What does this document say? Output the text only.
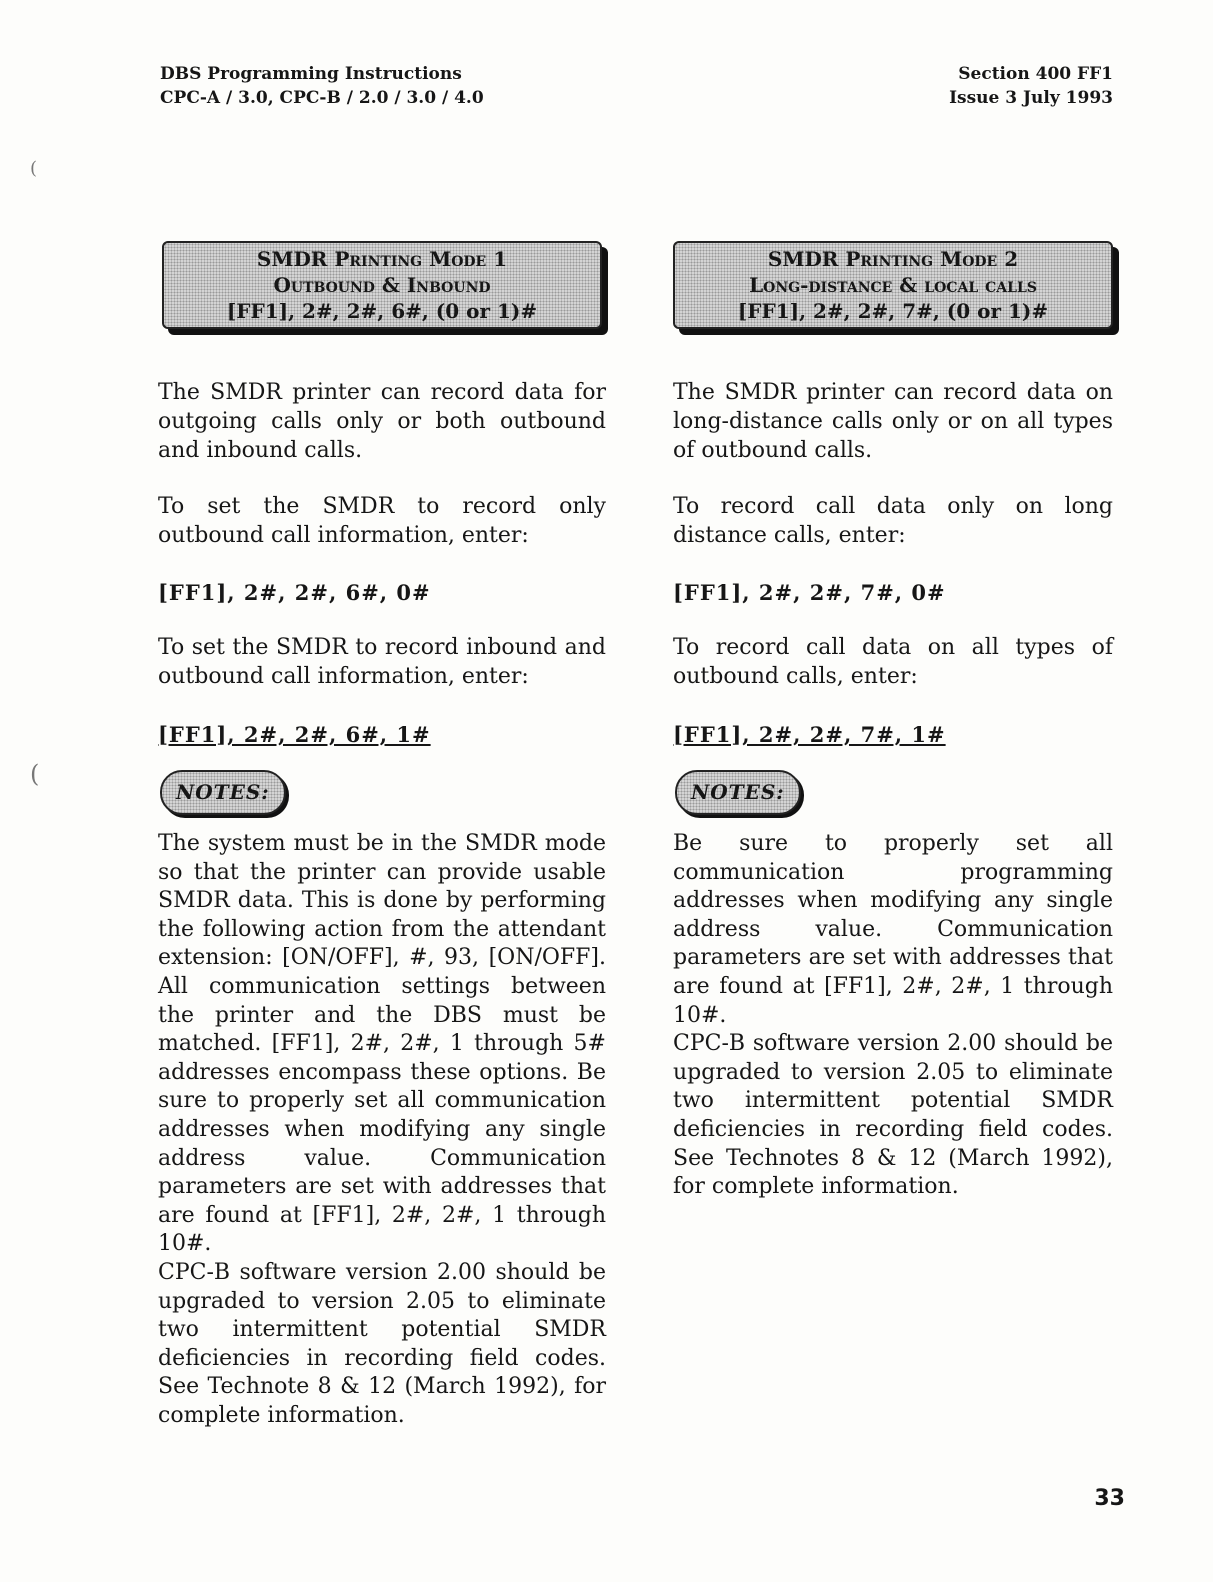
DBS Programming Instructions
CPC-A / 3.0, CPC-B / 2.0 / 3.0 / 4.0
Section 400 FF1
Issue 3 July 1993
(
(
SMDR Printing Mode 1
Outbound & Inbound
[FF1], 2#, 2#, 6#, (0 or 1)#
The SMDR printer can record data for outgoing calls only or both outbound and inbound calls.
To set the SMDR to record only outbound call information, enter:
[FF1], 2#, 2#, 6#, 0#
To set the SMDR to record inbound and outbound call information, enter:
[FF1], 2#, 2#, 6#, 1#
NOTES:
The system must be in the SMDR mode so that the printer can provide usable SMDR data. This is done by performing the following action from the attendant extension: [ON/OFF], #, 93, [ON/OFF]. All communication settings between the printer and the DBS must be matched. [FF1], 2#, 2#, 1 through 5# addresses encompass these options. Be sure to properly set all communication addresses when modifying any single address value. Communication parameters are set with addresses that are found at [FF1], 2#, 2#, 1 through 10#.
CPC-B software version 2.00 should be upgraded to version 2.05 to eliminate two intermittent potential SMDR deficiencies in recording field codes. See Technote 8 & 12 (March 1992), for complete information.
SMDR Printing Mode 2
Long-distance & local calls
[FF1], 2#, 2#, 7#, (0 or 1)#
The SMDR printer can record data on long-distance calls only or on all types of outbound calls.
To record call data only on long distance calls, enter:
[FF1], 2#, 2#, 7#, 0#
To record call data on all types of outbound calls, enter:
[FF1], 2#, 2#, 7#, 1#
NOTES:
Be sure to properly set all communication programming addresses when modifying any single address value. Communication parameters are set with addresses that are found at [FF1], 2#, 2#, 1 through 10#.
CPC-B software version 2.00 should be upgraded to version 2.05 to eliminate two intermittent potential SMDR deficiencies in recording field codes. See Technotes 8 & 12 (March 1992), for complete information.
33
